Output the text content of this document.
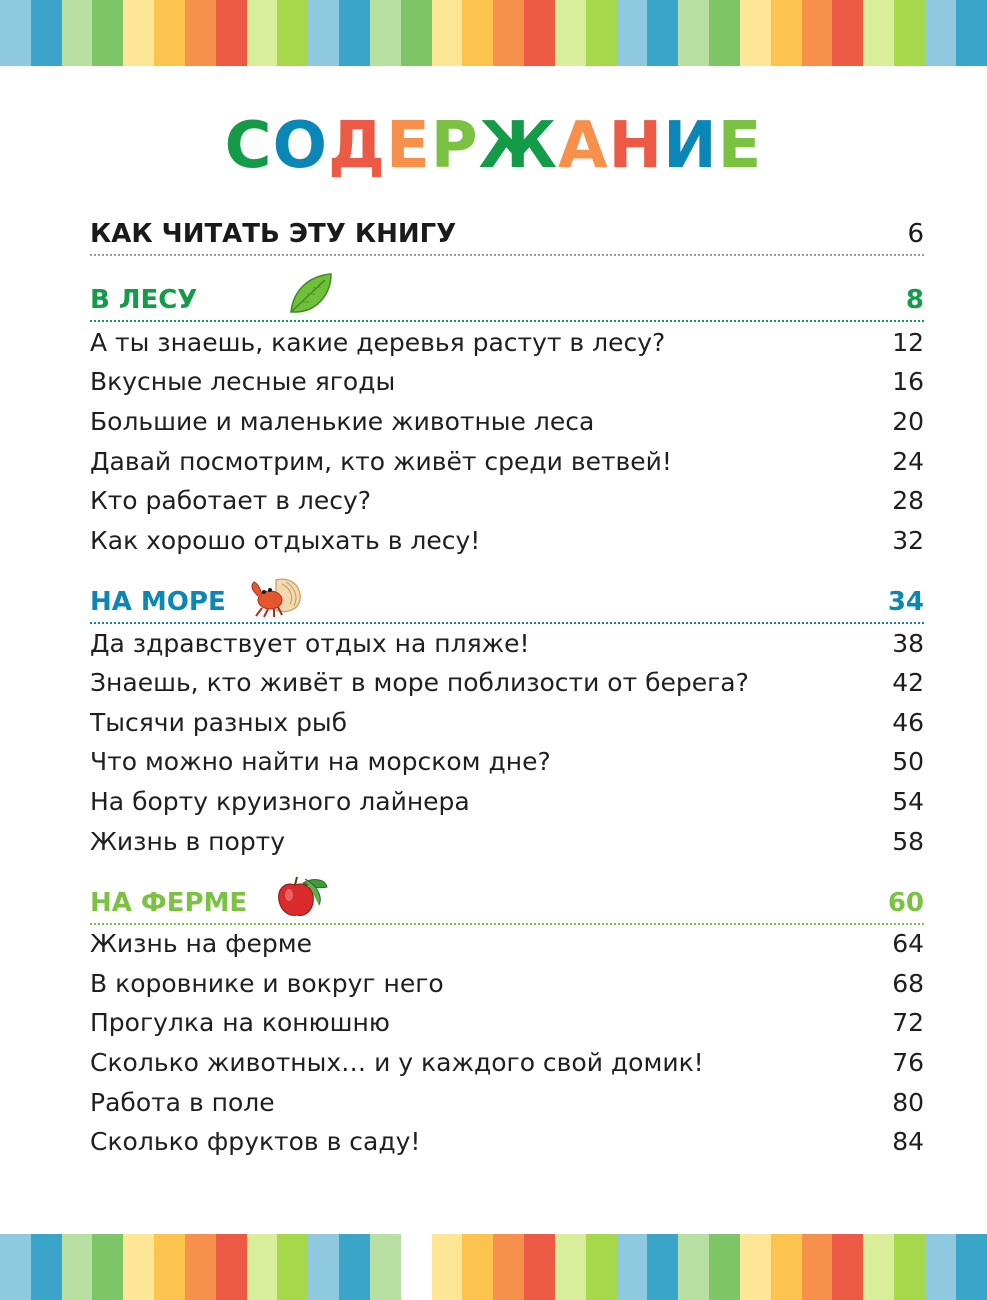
СОДЕРЖАНИЕ
КАК ЧИТАТЬ ЭТУ КНИГУ	6
В ЛЕСУ	8
А ты знаешь, какие деревья растут в лесу?	12
Вкусные лесные ягоды	16
Большие и маленькие животные леса	20
Давай посмотрим, кто живёт среди ветвей!	24
Кто работает в лесу?	28
Как хорошо отдыхать в лесу!	32
НА МОРЕ	34
Да здравствует отдых на пляже!	38
Знаешь, кто живёт в море поблизости от берега?	42
Тысячи разных рыб	46
Что можно найти на морском дне?	50
На борту круизного лайнера	54
Жизнь в порту	58
НА ФЕРМЕ	60
Жизнь на ферме	64
В коровнике и вокруг него	68
Прогулка на конюшню	72
Сколько животных… и у каждого свой домик!	76
Работа в поле	80
Сколько фруктов в саду!	84
